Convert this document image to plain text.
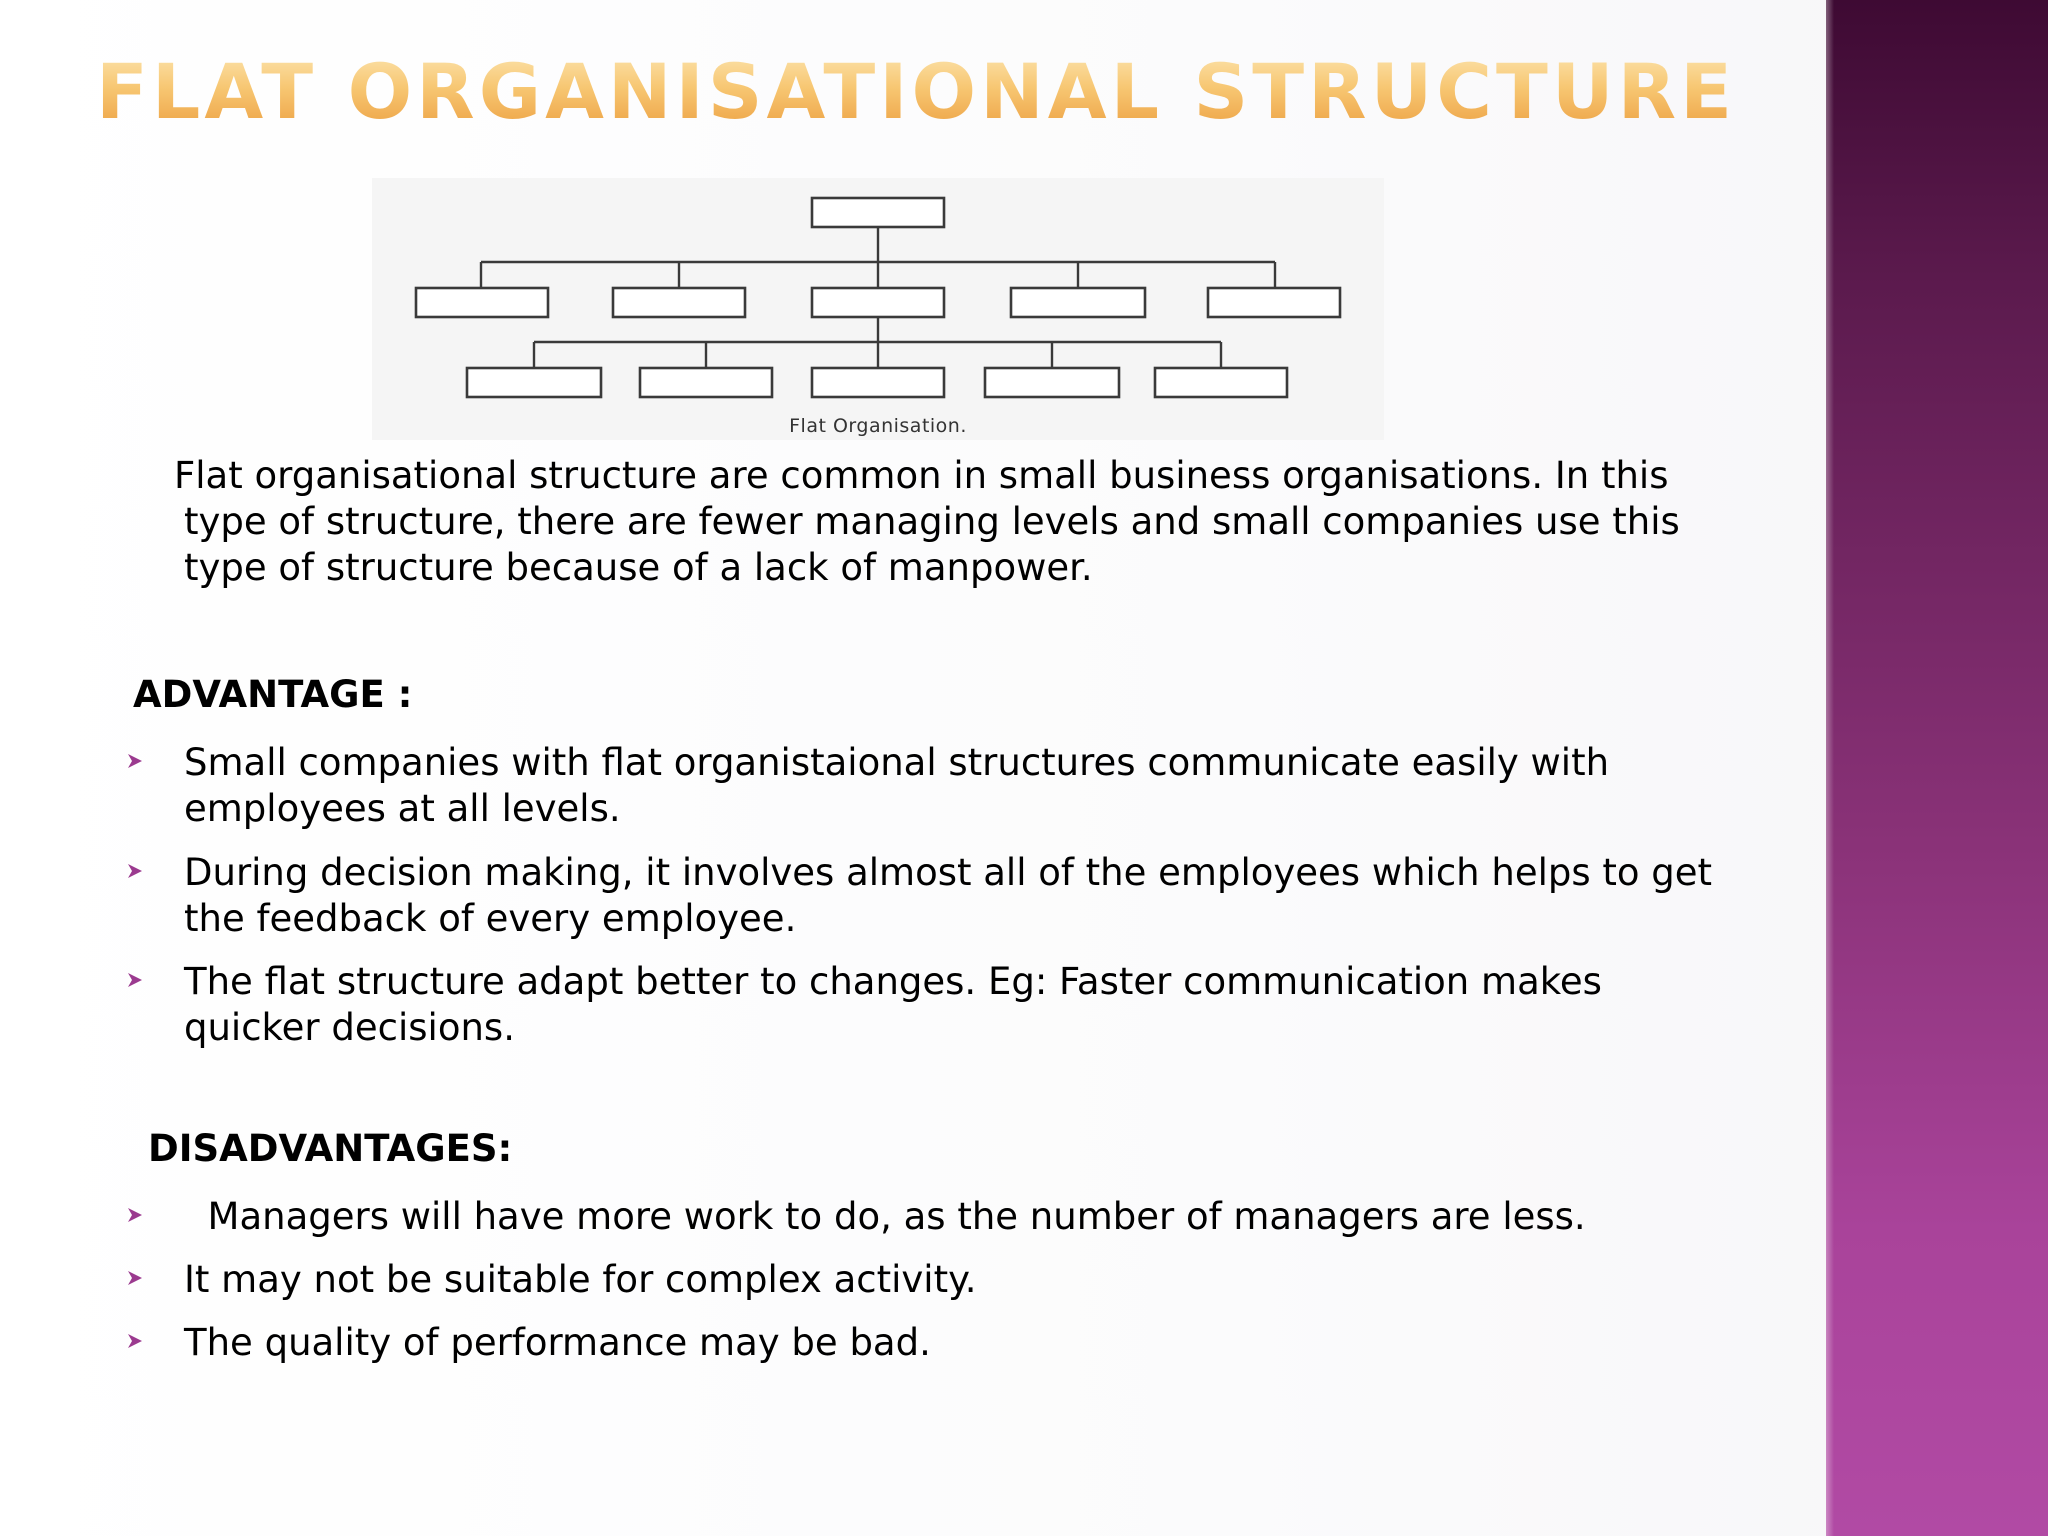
FLAT ORGANISATIONAL STRUCTURE
Flat Organisation.

Flat organisational structure are common in small business organisations. In this type of structure, there are fewer managing levels and small companies use this type of structure because of a lack of manpower.

ADVANTAGE :

Small companies with flat organistaional structures communicate easily with employees at all levels.

During decision making, it involves almost all of the employees which helps to get the feedback of every employee.

The flat structure adapt better to changes. Eg: Faster communication makes quicker decisions.

DISADVANTAGES:

Managers will have more work to do, as the number of managers are less.

It may not be suitable for complex activity.

The quality of performance may be bad.
